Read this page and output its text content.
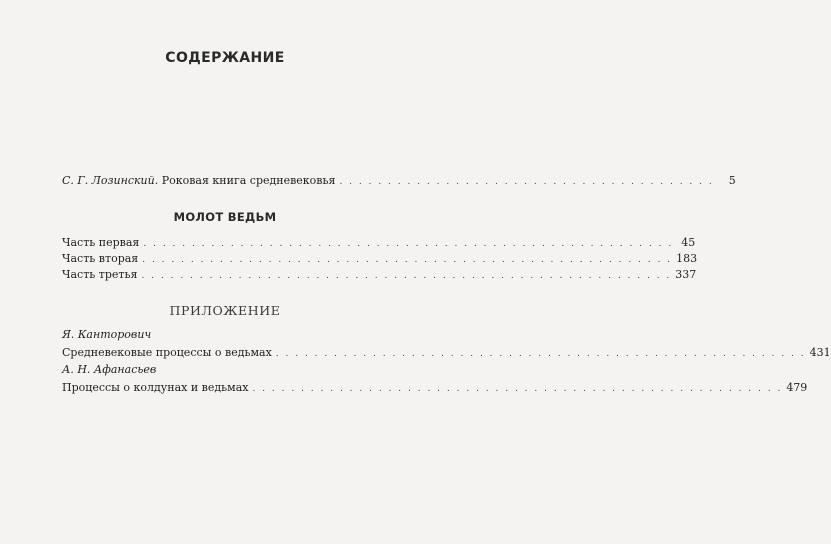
СОДЕРЖАНИЕ
С. Г. Лозинский. Роковая книга средневековья . . . . . . . . . . . . . . . . . . . . . . . . . . . . . . . . . . . . . . .	5
МОЛОТ ВЕДЬМ
Часть первая . . . . . . . . . . . . . . . . . . . . . . . . . . . . . . . . . . . . . . . . . . . . . . . . . . . . . . . 45
Часть вторая . . . . . . . . . . . . . . . . . . . . . . . . . . . . . . . . . . . . . . . . . . . . . . . . . . . . . . . 183
Часть третья . . . . . . . . . . . . . . . . . . . . . . . . . . . . . . . . . . . . . . . . . . . . . . . . . . . . . . . 337
ПРИЛОЖЕНИЕ
Я. Канторович
Средневековые процессы о ведьмах . . . . . . . . . . . . . . . . . . . . . . . . . . . . . . . . . . . . . . . . . . . . . . . . . . . . . . . 431
А. Н. Афанасьев
Процессы о колдунах и ведьмах . . . . . . . . . . . . . . . . . . . . . . . . . . . . . . . . . . . . . . . . . . . . . . . . . . . . . . . 479
